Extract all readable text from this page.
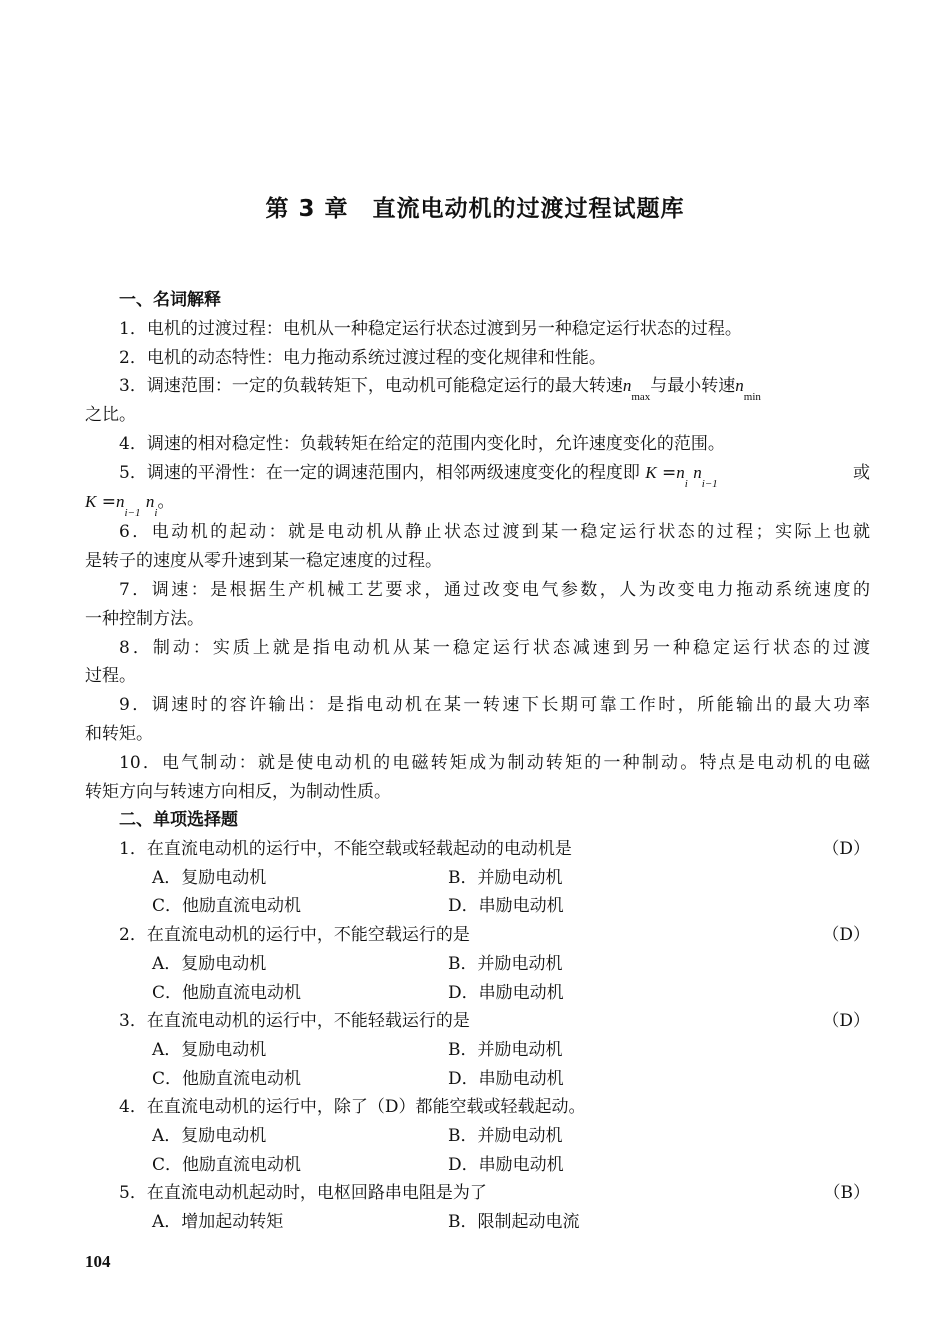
第 3 章　直流电动机的过渡过程试题库
一、名词解释
1．电机的过渡过程：电机从一种稳定运行状态过渡到另一种稳定运行状态的过程。
2．电机的动态特性：电力拖动系统过渡过程的变化规律和性能。
3．调速范围：一定的负载转矩下，电动机可能稳定运行的最大转速$n_{max}$与最小转速$n_{min}$
之比。
4．调速的相对稳定性：负载转矩在给定的范围内变化时，允许速度变化的范围。
5．调速的平滑性：在一定的调速范围内，相邻两级速度变化的程度即 $K =n_i$ $n_{i-1}$
或
$K =n_{i-1}$ $n_i$。
6．电动机的起动：就是电动机从静止状态过渡到某一稳定运行状态的过程；实际上也就
是转子的速度从零升速到某一稳定速度的过程。
7．调速：是根据生产机械工艺要求，通过改变电气参数，人为改变电力拖动系统速度的
一种控制方法。
8．制动：实质上就是指电动机从某一稳定运行状态减速到另一种稳定运行状态的过渡
过程。
9．调速时的容许输出：是指电动机在某一转速下长期可靠工作时，所能输出的最大功率
和转矩。
10．电气制动：就是使电动机的电磁转矩成为制动转矩的一种制动。特点是电动机的电磁
转矩方向与转速方向相反，为制动性质。
二、单项选择题
1．在直流电动机的运行中，不能空载或轻载起动的电动机是	（D）
A．复励电动机	B．并励电动机
C．他励直流电动机	D．串励电动机
2．在直流电动机的运行中，不能空载运行的是	（D）
A．复励电动机	B．并励电动机
C．他励直流电动机	D．串励电动机
3．在直流电动机的运行中，不能轻载运行的是	（D）
A．复励电动机	B．并励电动机
C．他励直流电动机	D．串励电动机
4．在直流电动机的运行中，除了（D）都能空载或轻载起动。
A．复励电动机	B．并励电动机
C．他励直流电动机	D．串励电动机
5．在直流电动机起动时，电枢回路串电阻是为了	（B）
A．增加起动转矩	B．限制起动电流
104
